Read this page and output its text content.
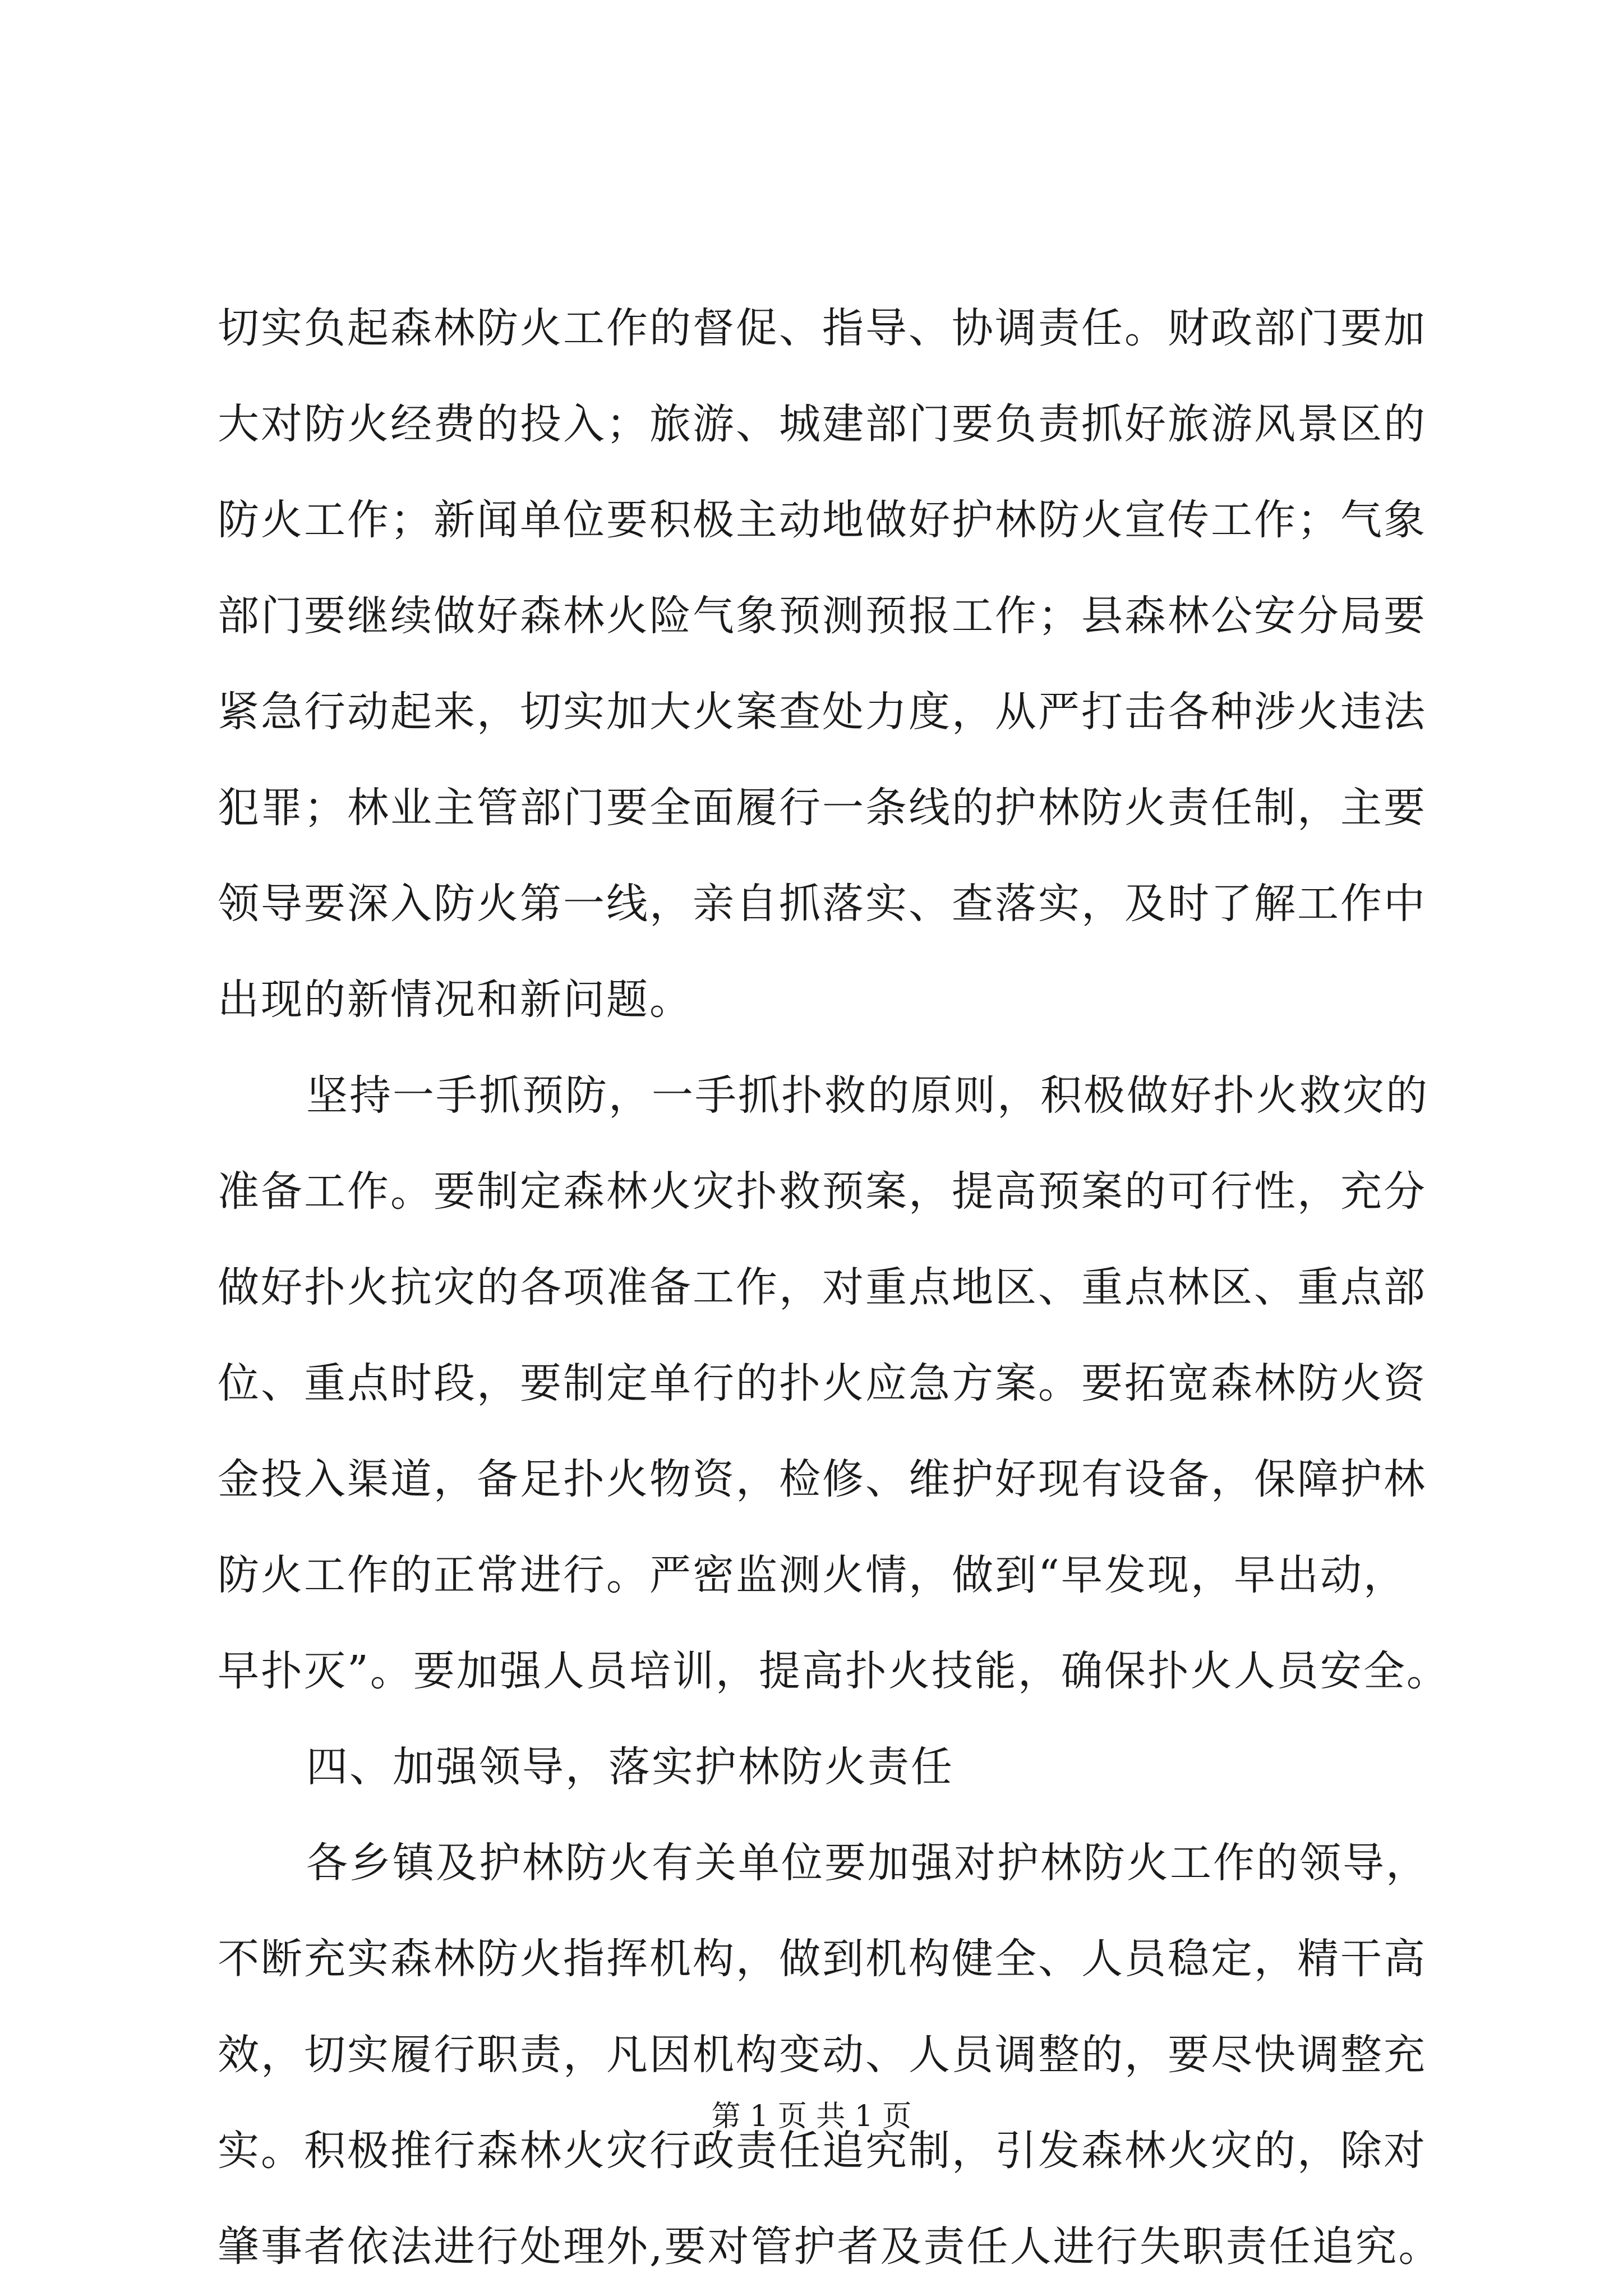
切实负起森林防火工作的督促、指导、协调责任。财政部门要加
大对防火经费的投入；旅游、城建部门要负责抓好旅游风景区的
防火工作；新闻单位要积极主动地做好护林防火宣传工作；气象
部门要继续做好森林火险气象预测预报工作；县森林公安分局要
紧急行动起来，切实加大火案查处力度，从严打击各种涉火违法
犯罪；林业主管部门要全面履行一条线的护林防火责任制，主要
领导要深入防火第一线，亲自抓落实、查落实，及时了解工作中
出现的新情况和新问题。
坚持一手抓预防，一手抓扑救的原则，积极做好扑火救灾的
准备工作。要制定森林火灾扑救预案，提高预案的可行性，充分
做好扑火抗灾的各项准备工作，对重点地区、重点林区、重点部
位、重点时段，要制定单行的扑火应急方案。要拓宽森林防火资
金投入渠道，备足扑火物资，检修、维护好现有设备，保障护林
防火工作的正常进行。严密监测火情，做到“早发现，早出动，
早扑灭”。要加强人员培训，提高扑火技能，确保扑火人员安全。
四、加强领导，落实护林防火责任
各乡镇及护林防火有关单位要加强对护林防火工作的领导，
不断充实森林防火指挥机构，做到机构健全、人员稳定，精干高
效，切实履行职责，凡因机构变动、人员调整的，要尽快调整充
实。积极推行森林火灾行政责任追究制，引发森林火灾的，除对
肇事者依法进行处理外,要对管护者及责任人进行失职责任追究。
第 1 页 共 1 页
